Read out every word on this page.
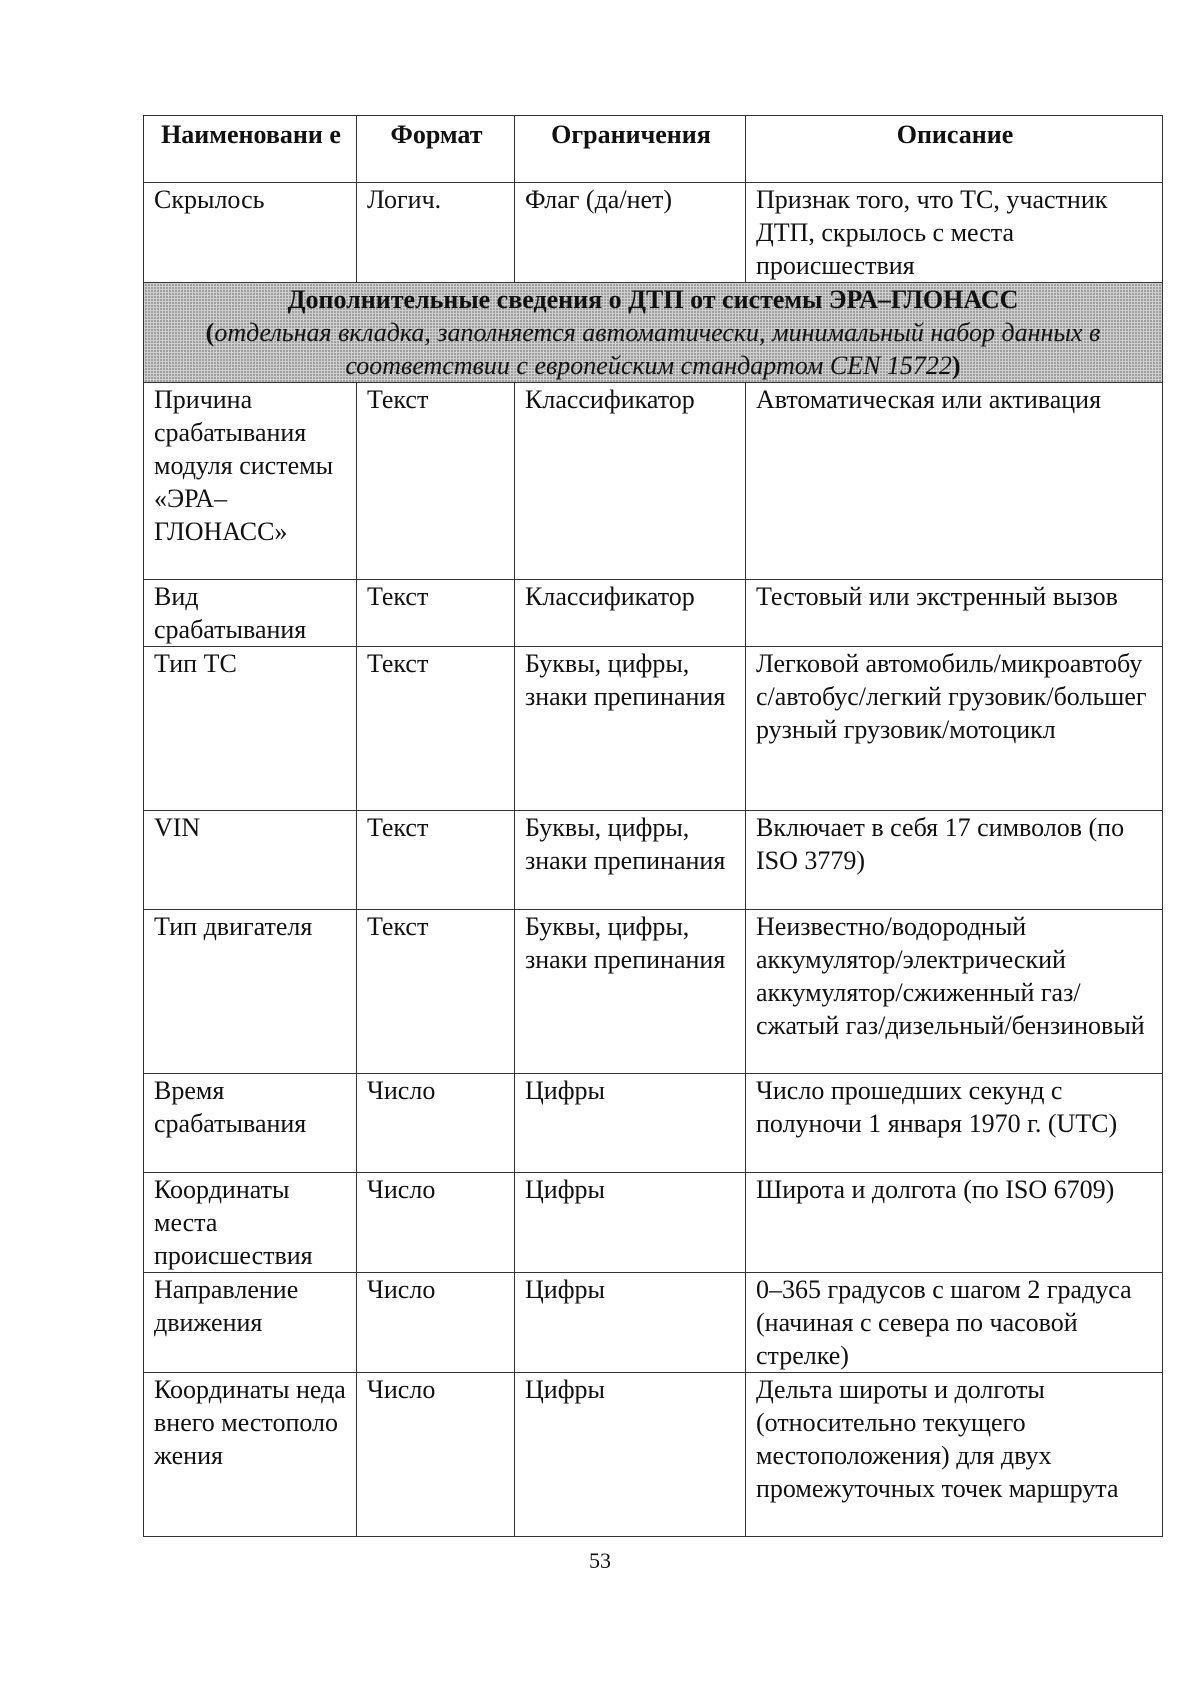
Наименовани е	Формат	Ограничения	Описание
Скрылось	Логич.	Флаг (да/нет)	Признак того, что ТС, участник ДТП, скрылось с места происшествия

Дополнительные сведения о ДТП от системы ЭРА–ГЛОНАСС
(отдельная вкладка, заполняется автоматически, минимальный набор данных в соответствии с европейским стандартом CEN 15722)			

Причина срабатывания модуля системы «ЭРА–ГЛОНАСС»	Текст	Классификатор	Автоматическая или активация
Вид срабатывания	Текст	Классификатор	Тестовый или экстренный вызов
Тип ТС	Текст	Буквы, цифры, знаки препинания	Легковой автомобиль/микроавтобус/автобус/легкий грузовик/большегрузный грузовик/мотоцикл
VIN	Текст	Буквы, цифры, знаки препинания	Включает в себя 17 символов (по ISO 3779)
Тип двигателя	Текст	Буквы, цифры, знаки препинания	Неизвестно/водородный аккумулятор/электрический аккумулятор/сжиженный газ/сжатый газ/дизельный/бензиновый
Время срабатывания	Число	Цифры	Число прошедших секунд с полуночи 1 января 1970 г. (UTC)
Координаты места происшествия	Число	Цифры	Широта и долгота (по ISO 6709)
Направление движения	Число	Цифры	0–365 градусов с шагом 2 градуса (начиная с севера по часовой стрелке)
Координаты недавнего местоположения	Число	Цифры	Дельта широты и долготы (относительно текущего местоположения) для двух промежуточных точек маршрута
53
